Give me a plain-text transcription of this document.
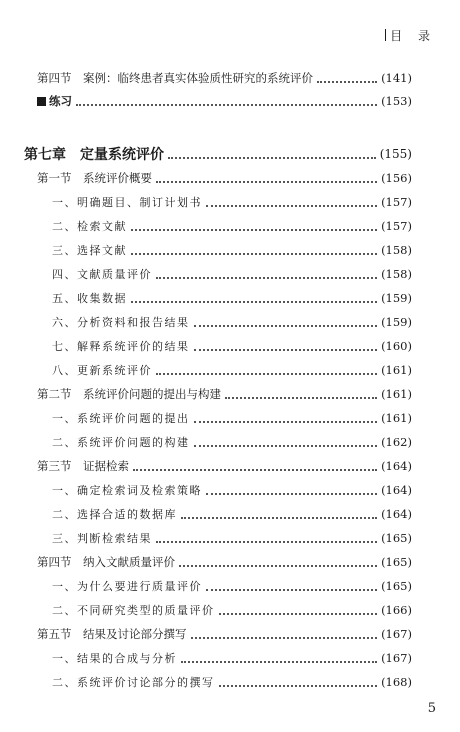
目 录
第四节　案例：临终患者真实体验质性研究的系统评价	(141)
练习	(153)
第七章　定量系统评价	(155)
第一节　系统评价概要	(156)
一、明确题目、制订计划书	(157)
二、检索文献	(157)
三、选择文献	(158)
四、文献质量评价	(158)
五、收集数据	(159)
六、分析资料和报告结果	(159)
七、解释系统评价的结果	(160)
八、更新系统评价	(161)
第二节　系统评价问题的提出与构建	(161)
一、系统评价问题的提出	(161)
二、系统评价问题的构建	(162)
第三节　证据检索	(164)
一、确定检索词及检索策略	(164)
二、选择合适的数据库	(164)
三、判断检索结果	(165)
第四节　纳入文献质量评价	(165)
一、为什么要进行质量评价	(165)
二、不同研究类型的质量评价	(166)
第五节　结果及讨论部分撰写	(167)
一、结果的合成与分析	(167)
二、系统评价讨论部分的撰写	(168)
5
